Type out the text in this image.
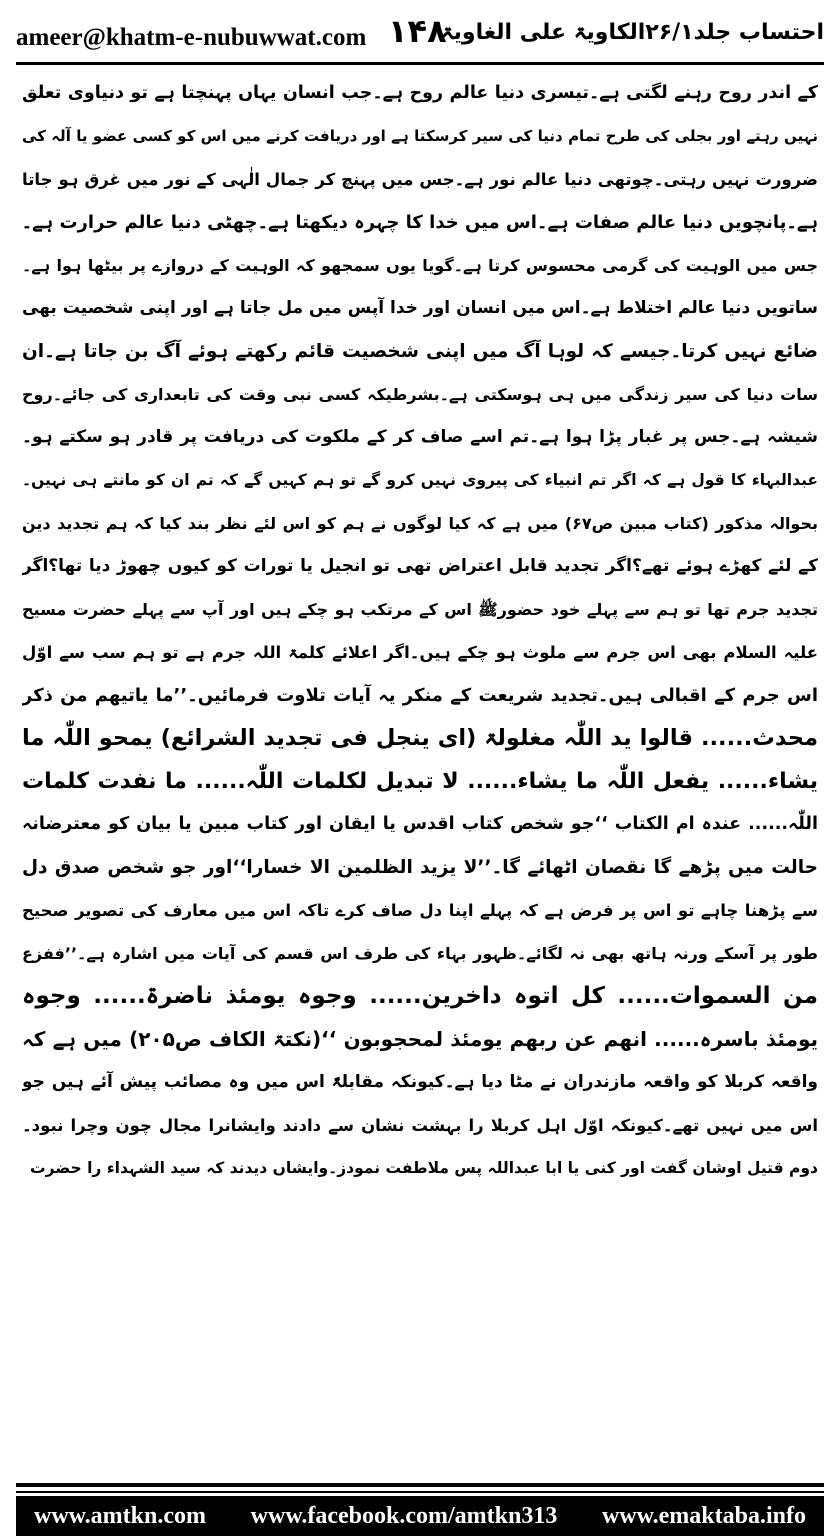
ameer@khatm-e-nubuwwat.com ۱۴۸
احتساب جلد۲۶/۱الکاویۃ علی الغاویۃ
کے اندر روح رہنے لگتی ہے۔تیسری دنیا عالم روح ہے۔جب انسان یہاں پہنچتا ہے تو دنیاوی تعلق
نہیں رہتے اور بجلی کی طرح تمام دنیا کی سیر کرسکتا ہے اور دریافت کرنے میں اس کو کسی عضو یا آلہ کی
ضرورت نہیں رہتی۔چوتھی دنیا عالم نور ہے۔جس میں پہنچ کر جمال الٰہی کے نور میں غرق ہو جاتا
ہے۔پانچویں دنیا عالم صفات ہے۔اس میں خدا کا چہرہ دیکھتا ہے۔چھٹی دنیا عالم حرارت ہے۔
جس میں الوہیت کی گرمی محسوس کرتا ہے۔گویا یوں سمجھو کہ الوہیت کے دروازے پر بیٹھا ہوا ہے۔
ساتویں دنیا عالم اختلاط ہے۔اس میں انسان اور خدا آپس میں مل جاتا ہے اور اپنی شخصیت بھی
ضائع نہیں کرتا۔جیسے کہ لوہا آگ میں اپنی شخصیت قائم رکھتے ہوئے آگ بن جاتا ہے۔ان
سات دنیا کی سیر زندگی میں ہی ہوسکتی ہے۔بشرطیکہ کسی نبی وقت کی تابعداری کی جائے۔روح
شیشہ ہے۔جس پر غبار پڑا ہوا ہے۔تم اسے صاف کر کے ملکوت کی دریافت پر قادر ہو سکتے ہو۔
عبدالبہاء کا قول ہے کہ اگر تم انبیاء کی پیروی نہیں کرو گے تو ہم کہیں گے کہ تم ان کو مانتے ہی نہیں۔
بحوالہ مذکور (کتاب مبین ص۶۷) میں ہے کہ کیا لوگوں نے ہم کو اس لئے نظر بند کیا کہ ہم تجدید دین
کے لئے کھڑے ہوئے تھے؟اگر تجدید قابل اعتراض تھی تو انجیل یا تورات کو کیوں چھوڑ دیا تھا؟اگر
تجدید جرم تھا تو ہم سے پہلے خود حضورﷺ اس کے مرتکب ہو چکے ہیں اور آپ سے پہلے حضرت مسیح
علیہ السلام بھی اس جرم سے ملوث ہو چکے ہیں۔اگر اعلائے کلمۃ اللہ جرم ہے تو ہم سب سے اوّل
اس جرم کے اقبالی ہیں۔تجدید شریعت کے منکر یہ آیات تلاوت فرمائیں۔’’ما یاتیھم من ذکر
محدث...... قالوا ید اللّٰہ مغلولۃ (ای ینجل فی تجدید الشرائع) یمحو اللّٰہ ما
یشاء...... یفعل اللّٰہ ما یشاء...... لا تبدیل لکلمات اللّٰہ...... ما نفدت کلمات
اللّٰہ...... عندہ ام الکتاب ‘‘جو شخص کتاب اقدس یا ایقان اور کتاب مبین یا بیان کو معترضانہ
حالت میں پڑھے گا نقصان اٹھائے گا۔’’لا یزید الظلمین الا خسارا‘‘اور جو شخص صدق دل
سے پڑھنا چاہے تو اس پر فرض ہے کہ پہلے اپنا دل صاف کرے تاکہ اس میں معارف کی تصویر صحیح
طور پر آسکے ورنہ ہاتھ بھی نہ لگائے۔ظہور بہاء کی طرف اس قسم کی آیات میں اشارہ ہے۔’’ففزع
من السموات...... کل اتوہ داخرین...... وجوہ یومئذ ناضرۃ...... وجوہ
یومئذ باسرہ...... انھم عن ربھم یومئذ لمحجوبون ‘‘(نکتۃ الکاف ص۲۰۵) میں ہے کہ
واقعہ کربلا کو واقعہ مازندران نے مٹا دیا ہے۔کیونکہ مقابلۃً اس میں وہ مصائب پیش آئے ہیں جو
اس میں نہیں تھے۔کیونکہ اوّل اہل کربلا را بہشت نشان سے دادند وایشانرا مجال چون وچرا نبود۔
دوم قتیل اوشان گفت اور کنی یا ابا عبداللہ پس ملاطفت نمودز۔وایشاں دیدند کہ سید الشہداء را حضرت
www.amtkn.com www.facebook.com/amtkn313 www.emaktaba.info
